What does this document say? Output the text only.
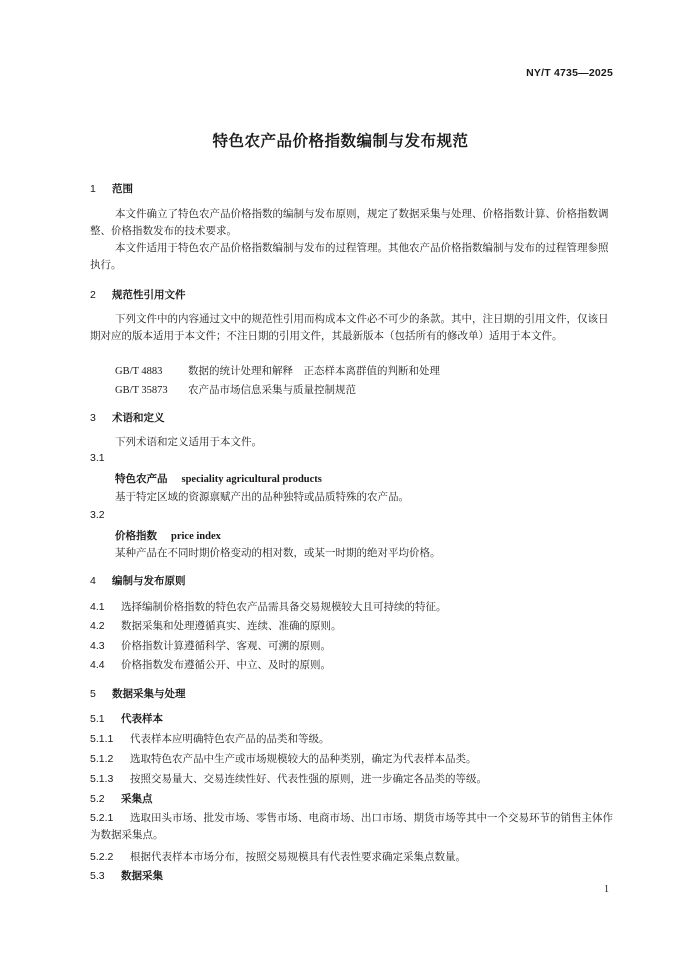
NY/T 4735—2025
特色农产品价格指数编制与发布规范
1 范围
本文件确立了特色农产品价格指数的编制与发布原则，规定了数据采集与处理、价格指数计算、价格指数调整、价格指数发布的技术要求。
本文件适用于特色农产品价格指数编制与发布的过程管理。其他农产品价格指数编制与发布的过程管理参照执行。
2 规范性引用文件
下列文件中的内容通过文中的规范性引用而构成本文件必不可少的条款。其中，注日期的引用文件，仅该日期对应的版本适用于本文件；不注日期的引用文件，其最新版本（包括所有的修改单）适用于本文件。
GB/T 4883 数据的统计处理和解释　正态样本离群值的判断和处理
GB/T 35873 农产品市场信息采集与质量控制规范
3 术语和定义
下列术语和定义适用于本文件。
3.1
特色农产品 speciality agricultural products
基于特定区域的资源禀赋产出的品种独特或品质特殊的农产品。
3.2
价格指数 price index
某种产品在不同时期价格变动的相对数，或某一时期的绝对平均价格。
4 编制与发布原则
4.1 选择编制价格指数的特色农产品需具备交易规模较大且可持续的特征。
4.2 数据采集和处理遵循真实、连续、准确的原则。
4.3 价格指数计算遵循科学、客观、可溯的原则。
4.4 价格指数发布遵循公开、中立、及时的原则。
5 数据采集与处理
5.1 代表样本
5.1.1 代表样本应明确特色农产品的品类和等级。
5.1.2 选取特色农产品中生产或市场规模较大的品种类别，确定为代表样本品类。
5.1.3 按照交易量大、交易连续性好、代表性强的原则，进一步确定各品类的等级。
5.2 采集点
5.2.1 选取田头市场、批发市场、零售市场、电商市场、出口市场、期货市场等其中一个交易环节的销售主体作为数据采集点。
5.2.2 根据代表样本市场分布，按照交易规模具有代表性要求确定采集点数量。
5.3 数据采集
1
